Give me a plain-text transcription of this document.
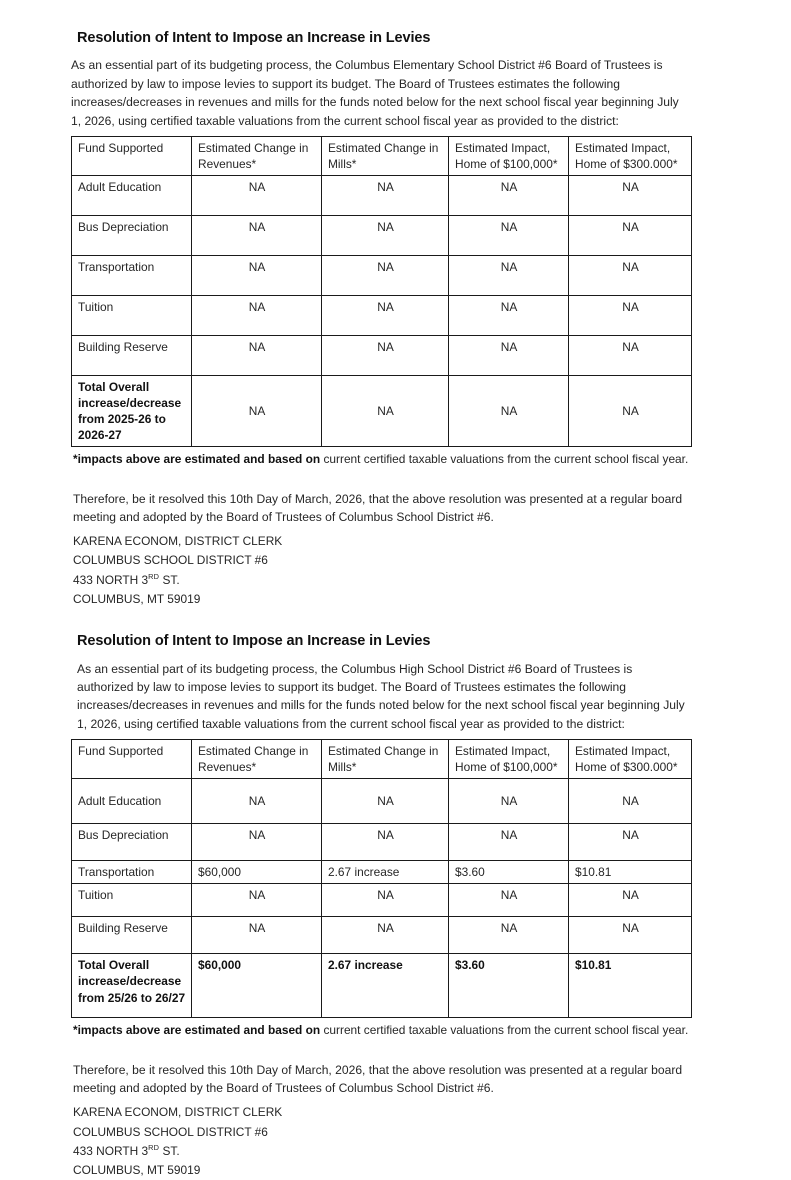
Resolution of Intent to Impose an Increase in Levies

As an essential part of its budgeting process, the Columbus Elementary School District #6 Board of Trustees is authorized by law to impose levies to support its budget. The Board of Trustees estimates the following increases/decreases in revenues and mills for the funds noted below for the next school fiscal year beginning July 1, 2026, using certified taxable valuations from the current school fiscal year as provided to the district:

Fund Supported	Estimated Change in Revenues*	Estimated Change in Mills*	Estimated Impact, Home of $100,000*	Estimated Impact, Home of $300.000*
Adult Education	NA	NA	NA	NA
Bus Depreciation	NA	NA	NA	NA
Transportation	NA	NA	NA	NA
Tuition	NA	NA	NA	NA
Building Reserve	NA	NA	NA	NA
Total Overall increase/decrease from 2025-26 to 2026-27	NA	NA	NA	NA

*impacts above are estimated and based on current certified taxable valuations from the current school fiscal year.

Therefore, be it resolved this 10th Day of March, 2026, that the above resolution was presented at a regular board meeting and adopted by the Board of Trustees of Columbus School District #6.

KARENA ECONOM, DISTRICT CLERK
COLUMBUS SCHOOL DISTRICT #6
433 NORTH 3RD ST.
COLUMBUS, MT 59019
Resolution of Intent to Impose an Increase in Levies

As an essential part of its budgeting process, the Columbus High School District #6 Board of Trustees is authorized by law to impose levies to support its budget. The Board of Trustees estimates the following increases/decreases in revenues and mills for the funds noted below for the next school fiscal year beginning July 1, 2026, using certified taxable valuations from the current school fiscal year as provided to the district:

Fund Supported	Estimated Change in Revenues*	Estimated Change in Mills*	Estimated Impact, Home of $100,000*	Estimated Impact, Home of $300.000*
Adult Education	NA	NA	NA	NA
Bus Depreciation	NA	NA	NA	NA
Transportation	$60,000	2.67 increase	$3.60	$10.81
Tuition	NA	NA	NA	NA
Building Reserve	NA	NA	NA	NA
Total Overall increase/decrease from 25/26 to 26/27	$60,000	2.67 increase	$3.60	$10.81

*impacts above are estimated and based on current certified taxable valuations from the current school fiscal year.

Therefore, be it resolved this 10th Day of March, 2026, that the above resolution was presented at a regular board meeting and adopted by the Board of Trustees of Columbus School District #6.

KARENA ECONOM, DISTRICT CLERK
COLUMBUS SCHOOL DISTRICT #6
433 NORTH 3RD ST.
COLUMBUS, MT 59019
